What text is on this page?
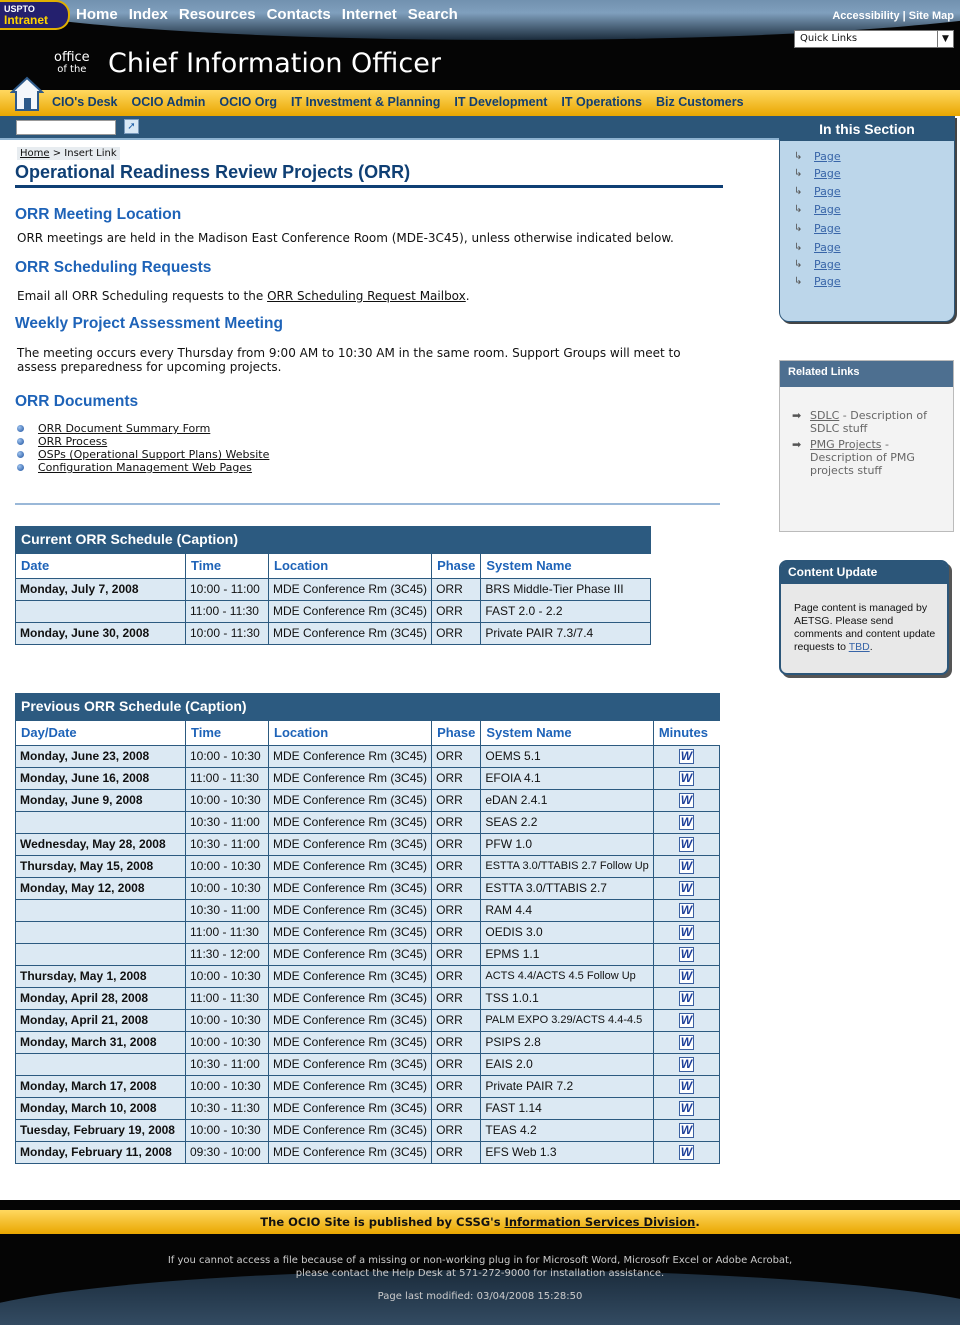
USPTO
Intranet	Home Index Resources Contacts Internet Search	Accessibility | Site Map
Quick Links	▼
office
of the Chief Information Officer
CIO's Desk OCIO Admin OCIO Org IT Investment & Planning IT Development IT Operations Biz Customers
➚
Home > Insert Link
Operational Readiness Review Projects (ORR)
ORR Meeting Location
ORR meetings are held in the Madison East Conference Room (MDE-3C45), unless otherwise indicated below.
ORR Scheduling Requests
Email all ORR Scheduling requests to the ORR Scheduling Request Mailbox.
Weekly Project Assessment Meeting
The meeting occurs every Thursday from 9:00 AM to 10:30 AM in the same room. Support Groups will meet to assess preparedness for upcoming projects.
ORR Documents
ORR Document Summary Form
ORR Process
OSPs (Operational Support Plans) Website
Configuration Management Web Pages
Current ORR Schedule (Caption)
Date	Time	Location	Phase	System Name
Monday, July 7, 2008	10:00 - 11:00	MDE Conference Rm (3C45)	ORR	BRS Middle-Tier Phase III
	11:00 - 11:30	MDE Conference Rm (3C45)	ORR	FAST 2.0 - 2.2
Monday, June 30, 2008	10:00 - 11:30	MDE Conference Rm (3C45)	ORR	Private PAIR 7.3/7.4
Previous ORR Schedule (Caption)
Day/Date	Time	Location	Phase	System Name	Minutes
Monday, June 23, 2008	10:00 - 10:30	MDE Conference Rm (3C45)	ORR	OEMS 5.1	W
Monday, June 16, 2008	11:00 - 11:30	MDE Conference Rm (3C45)	ORR	EFOIA 4.1	W
Monday, June 9, 2008	10:00 - 10:30	MDE Conference Rm (3C45)	ORR	eDAN 2.4.1	W
	10:30 - 11:00	MDE Conference Rm (3C45)	ORR	SEAS 2.2	W
Wednesday, May 28, 2008	10:30 - 11:00	MDE Conference Rm (3C45)	ORR	PFW 1.0	W
Thursday, May 15, 2008	10:00 - 10:30	MDE Conference Rm (3C45)	ORR	ESTTA 3.0/TTABIS 2.7 Follow Up	W
Monday, May 12, 2008	10:00 - 10:30	MDE Conference Rm (3C45)	ORR	ESTTA 3.0/TTABIS 2.7	W
	10:30 - 11:00	MDE Conference Rm (3C45)	ORR	RAM 4.4	W
	11:00 - 11:30	MDE Conference Rm (3C45)	ORR	OEDIS 3.0	W
	11:30 - 12:00	MDE Conference Rm (3C45)	ORR	EPMS 1.1	W
Thursday, May 1, 2008	10:00 - 10:30	MDE Conference Rm (3C45)	ORR	ACTS 4.4/ACTS 4.5 Follow Up	W
Monday, April 28, 2008	11:00 - 11:30	MDE Conference Rm (3C45)	ORR	TSS 1.0.1	W
Monday, April 21, 2008	10:00 - 10:30	MDE Conference Rm (3C45)	ORR	PALM EXPO 3.29/ACTS 4.4-4.5	W
Monday, March 31, 2008	10:00 - 10:30	MDE Conference Rm (3C45)	ORR	PSIPS 2.8	W
	10:30 - 11:00	MDE Conference Rm (3C45)	ORR	EAIS 2.0	W
Monday, March 17, 2008	10:00 - 10:30	MDE Conference Rm (3C45)	ORR	Private PAIR 7.2	W
Monday, March 10, 2008	10:30 - 11:30	MDE Conference Rm (3C45)	ORR	FAST 1.14	W
Tuesday, February 19, 2008	10:00 - 10:30	MDE Conference Rm (3C45)	ORR	TEAS 4.2	W
Monday, February 11, 2008	09:30 - 10:00	MDE Conference Rm (3C45)	ORR	EFS Web 1.3	W
In this Section
↳ Page
↳ Page
↳ Page
↳ Page
↳ Page
↳ Page
↳ Page
↳ Page
Related Links
➡ SDLC - Description of SDLC stuff
➡ PMG Projects - Description of PMG projects stuff
Content Update
Page content is managed by AETSG. Please send comments and content update requests to TBD.
The OCIO Site is published by CSSG's Information Services Division.
If you cannot access a file because of a missing or non-working plug in for Microsoft Word, Microsofr Excel or Adobe Acrobat,
please contact the Help Desk at 571-272-9000 for installation assistance.
Page last modified: 03/04/2008 15:28:50
